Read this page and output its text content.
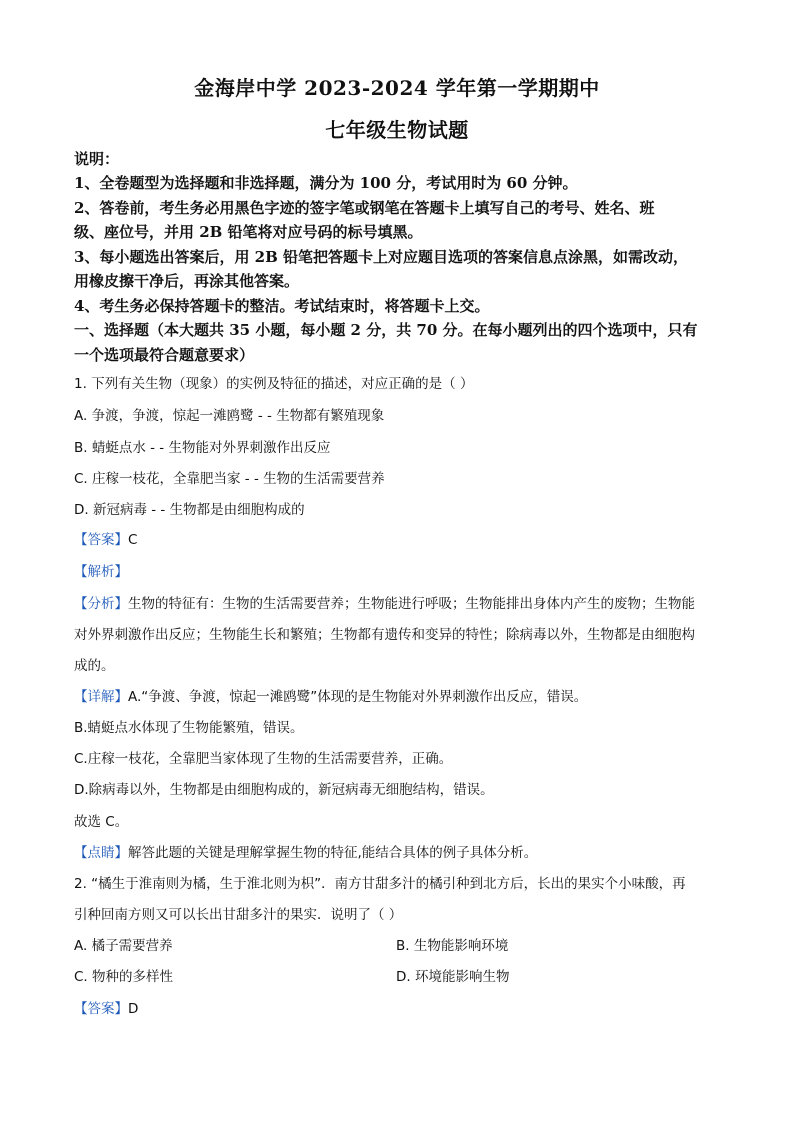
金海岸中学 2023-2024 学年第一学期期中
七年级生物试题
说明：
1、全卷题型为选择题和非选择题，满分为 100 分，考试用时为 60 分钟。
2、答卷前，考生务必用黑色字迹的签字笔或钢笔在答题卡上填写自己的考号、姓名、班
级、座位号，并用 2B 铅笔将对应号码的标号填黑。
3、每小题选出答案后，用 2B 铅笔把答题卡上对应题目选项的答案信息点涂黑，如需改动，
用橡皮擦干净后，再涂其他答案。
4、考生务必保持答题卡的整洁。考试结束时，将答题卡上交。
一、选择题（本大题共 35 小题，每小题 2 分，共 70 分。在每小题列出的四个选项中，只有
一个选项最符合题意要求）
1. 下列有关生物（现象）的实例及特征的描述，对应正确的是（ ）
A. 争渡，争渡，惊起一滩鸥鹭 - - 生物都有繁殖现象
B. 蜻蜓点水 - - 生物能对外界刺激作出反应
C. 庄稼一枝花，全靠肥当家 - - 生物的生活需要营养
D. 新冠病毒 - - 生物都是由细胞构成的
【答案】C
【解析】
【分析】生物的特征有：生物的生活需要营养；生物能进行呼吸；生物能排出身体内产生的废物；生物能
对外界刺激作出反应；生物能生长和繁殖；生物都有遗传和变异的特性；除病毒以外，生物都是由细胞构
成的。
【详解】A.“争渡、争渡，惊起一滩鸥鹭”体现的是生物能对外界刺激作出反应，错误。
B.蜻蜓点水体现了生物能繁殖，错误。
C.庄稼一枝花，全靠肥当家体现了生物的生活需要营养，正确。
D.除病毒以外，生物都是由细胞构成的，新冠病毒无细胞结构，错误。
故选 C。
【点睛】解答此题的关键是理解掌握生物的特征,能结合具体的例子具体分析。
2. “橘生于淮南则为橘，生于淮北则为枳”．南方甘甜多汁的橘引种到北方后，长出的果实个小味酸，再
引种回南方则又可以长出甘甜多汁的果实．说明了（ ）
A. 橘子需要营养	B. 生物能影响环境
C. 物种的多样性	D. 环境能影响生物
【答案】D
